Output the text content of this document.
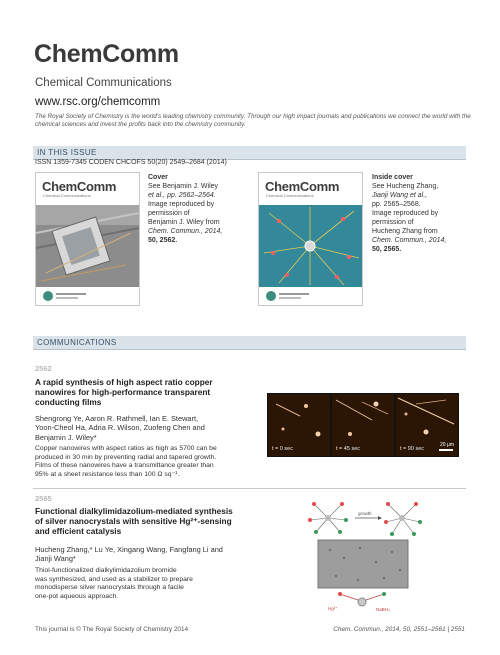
ChemComm
Chemical Communications
www.rsc.org/chemcomm
The Royal Society of Chemistry is the world's leading chemistry community. Through our high impact journals and publications we connect the world with the chemical sciences and invest the profits back into the chemistry community.
IN THIS ISSUE
ISSN 1359-7345 CODEN CHCOFS 50(20) 2549–2684 (2014)
ChemComm
Chemical Communications
Cover
See Benjamin J. Wiley
et al., pp. 2562–2564.
Image reproduced by
permission of
Benjamin J. Wiley from
Chem. Commun., 2014,
50, 2562.
ChemComm
Chemical Communications
Inside cover
See Hucheng Zhang,
Jianji Wang et al.,
pp. 2565–2568.
Image reproduced by
permission of
Hucheng Zhang from
Chem. Commun., 2014,
50, 2565.
COMMUNICATIONS
2562
A rapid synthesis of high aspect ratio copper
nanowires for high-performance transparent
conducting films
Shengrong Ye, Aaron R. Rathmell, Ian E. Stewart,
Yoon-Cheol Ha, Adria R. Wilson, Zuofeng Chen and
Benjamin J. Wiley*
Copper nanowires with aspect ratios as high as 5700 can be
produced in 30 min by preventing radial and tapered growth.
Films of these nanowires have a transmittance greater than
95% at a sheet resistance less than 100 Ω sq⁻¹.
t = 0 sec	t = 45 sec	t = 90 sec
20 μm
2565
Functional dialkylimidazolium-mediated synthesis
of silver nanocrystals with sensitive Hg²⁺-sensing
and efficient catalysis
Hucheng Zhang,* Lu Ye, Xingang Wang, Fangfang Li and
Jianji Wang*
Thiol-functionalized dialkylimidazolium bromide
was synthesized, and used as a stabilizer to prepare
monodisperse silver nanocrystals through a facile
one-pot aqueous approach.
growth
Hg²⁺	NaBH₄
This journal is © The Royal Society of Chemistry 2014	Chem. Commun., 2014, 50, 2551–2561 | 2551
